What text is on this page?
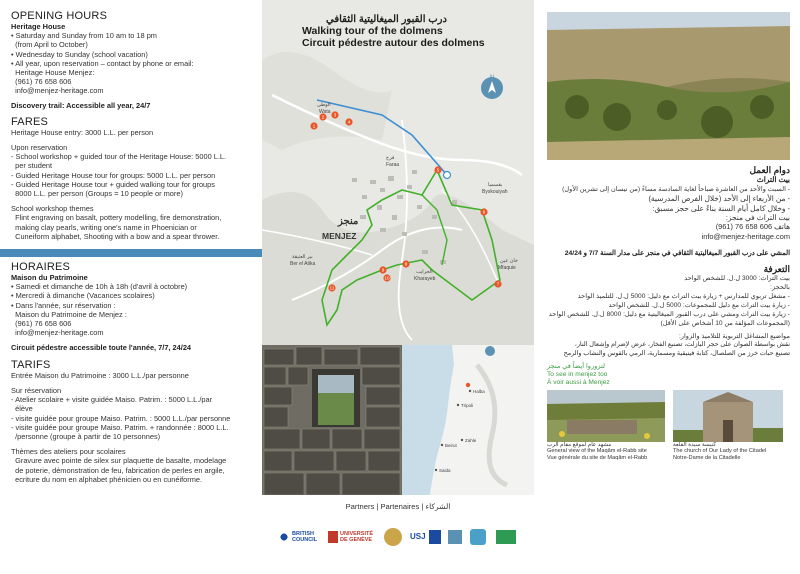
OPENING HOURS
Heritage House
• Saturday and Sunday from 10 am to 18 pm
(from April to October)
• Wednesday to Sunday (school vacation)
• All year, upon reservation – contact by phone or email:
Heritage House Menjez:
(961) 76 658 606
info@menjez-heritage.com
Discovery trail: Accessible all year, 24/7
FARES
Heritage House entry: 3000 L.L. per person
Upon reservation
- School workshop + guided tour of the Heritage House: 5000 L.L.
per student
- Guided Heritage House tour for groups: 5000 L.L. per person
- Guided Heritage House tour + guided walking tour for groups
8000 L.L. per person (Groups = 10 people or more)
School workshop themes
Flint engraving on basalt, pottery modelling, fire demonstration,
making clay pearls, writing one's name in Phoenician or
Cuneiform alphabet, Shooting with a bow and a spear thrower.
HORAIRES
Maison du Patrimoine
• Samedi et dimanche de 10h à 18h (d'avril à octobre)
• Mercredi à dimanche (Vacances scolaires)
• Dans l'année, sur réservation :
Maison du Patrimoine de Menjez :
(961) 76 658 606
info@menjez-heritage.com
Circuit pédestre accessible toute l'année, 7/7, 24/24
TARIFS
Entrée Maison du Patrimoine : 3000 L.L./par personne
Sur réservation
- Atelier scolaire + visite guidée Maiso. Patrim. : 5000 L.L./par
élève
- visite guidée pour groupe Maiso. Patrim. : 5000 L.L./par personne
- visite guidée pour groupe Maiso. Patrim. + randonnée : 8000 L.L.
/personne (groupe à partir de 10 personnes)
Thèmes des ateliers pour scolaires
Gravure avec pointe de silex sur plaquette de basalte, modelage
de poterie, démonstration de feu, fabrication de perles en argile,
ecriture du nom en alphabet phénicien ou en cunéiforme.
N
1
2 3
4
5
6
7
8
9
10
11
الوطى
Wata
فرح
Faraa
بقسميا
Byskouiyah
الحرايب
Kharayeb
خان عين
Mfaquie
بير العتيقة
Ber el Atika
منجز
MENJEZ
درب القبور الميغاليتية الثقافي
Walking tour of the dolmens
Circuit pédestre autour des dolmens
Halba
Tripoli
Beirut
Saida
Zahle
Partners | Partenaires | الشركاء
BRITISH COUNCIL
UNIVERSITÉ DE GENÈVE	USJ
دوام العمل
بيت التراث
- السبت والأحد من العاشرة صباحاً لغاية السادسة مساءً (من نيسان إلى تشرين الأول)
- من الأربعاء إلى الأحد (خلال الفرص المدرسية)
- وخلال كامل أيام السنة بناءً على حجز مسبق:
بيت التراث في منجز:
هاتف 606 658 76 (961)
info@menjez-heritage.com
المشي على درب القبور الميغاليتية الثقافي في منجز على مدار السنة 7/7 و 24/24
التعرفة
بيت التراث: 3000 ل.ل. للشخص الواحد
بالحجز:
- مشغل تربوي للمدارس + زيارة بيت التراث مع دليل: 5000 ل.ل. للتلميذ الواحد
- زيارة بيت التراث مع دليل للمجموعات: 5000 ل.ل. للشخص الواحد
- زيارة بيت التراث ومشي على درب القبور الميغاليتية مع دليل: 8000 ل.ل. للشخص الواحد (المجموعات المؤلفة من 10 أشخاص على الأقل)
مواضيع المشاغل التربوية للتلاميذ والزوار:
نقش بواسطة الصوان على حجر البازلت، تصنيع الفخار، عرض لإضرام وإشعال النار،
تصنيع حبات خرز من الصلصال، كتابة فينيقية ومسمارية، الرمي بالقوس والنشاب والرمح
لتزوروا أيضاً في منجز
To see in menjez too
À voir aussi à Menjez
مشهد عام لموقع مقام الرب
General view of the Maqâm el-Rabb site
Vue générale du site de Maqâm el-Rabb
كنيسة سيدة القلعة
The church of Our Lady of the Citadel
Notre-Dame de la Citadelle
